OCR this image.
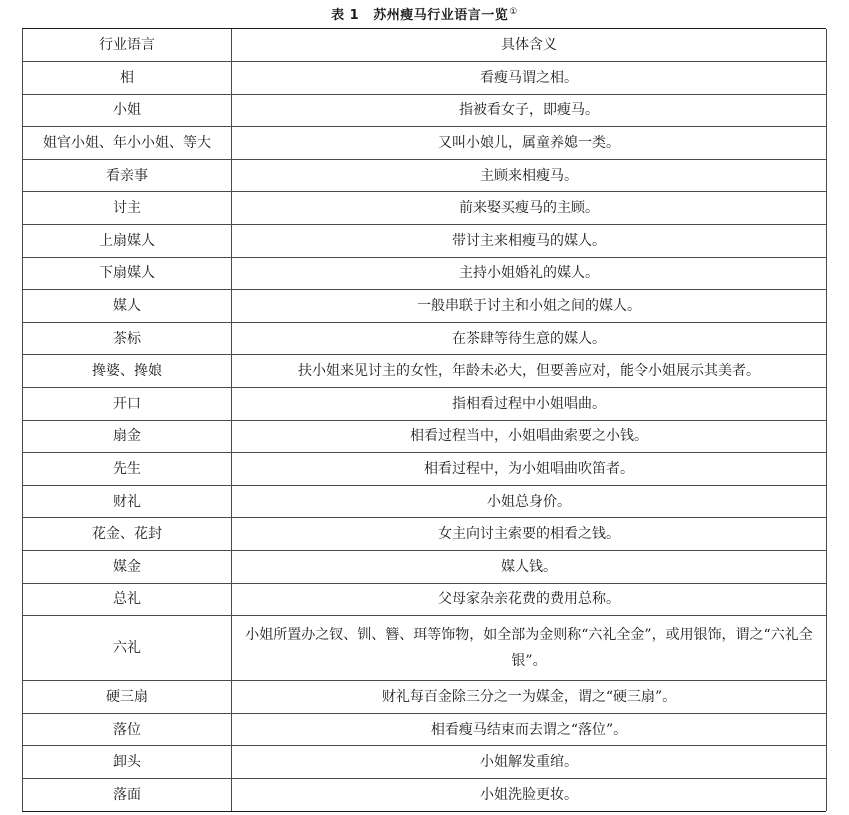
表 1 苏州瘦马行业语言一览①
行业语言	具体含义
相	看瘦马谓之相。
小姐	指被看女子，即瘦马。
姐官小姐、年小小姐、等大	又叫小娘儿，属童养媳一类。
看亲事	主顾来相瘦马。
讨主	前来娶买瘦马的主顾。
上扇媒人	带讨主来相瘦马的媒人。
下扇媒人	主持小姐婚礼的媒人。
媒人	一般串联于讨主和小姐之间的媒人。
茶标	在茶肆等待生意的媒人。
搀婆、搀娘	扶小姐来见讨主的女性，年龄未必大，但要善应对，能令小姐展示其美者。
开口	指相看过程中小姐唱曲。
扇金	相看过程当中，小姐唱曲索要之小钱。
先生	相看过程中，为小姐唱曲吹笛者。
财礼	小姐总身价。
花金、花封	女主向讨主索要的相看之钱。
媒金	媒人钱。
总礼	父母家杂亲花费的费用总称。
六礼	小姐所置办之钗、钏、簪、珥等饰物，如全部为金则称“六礼全金”，或用银饰，谓之“六礼全银”。
硬三扇	财礼每百金除三分之一为媒金，谓之“硬三扇”。
落位	相看瘦马结束而去谓之“落位”。
卸头	小姐解发重绾。
落面	小姐洗脸更妆。
